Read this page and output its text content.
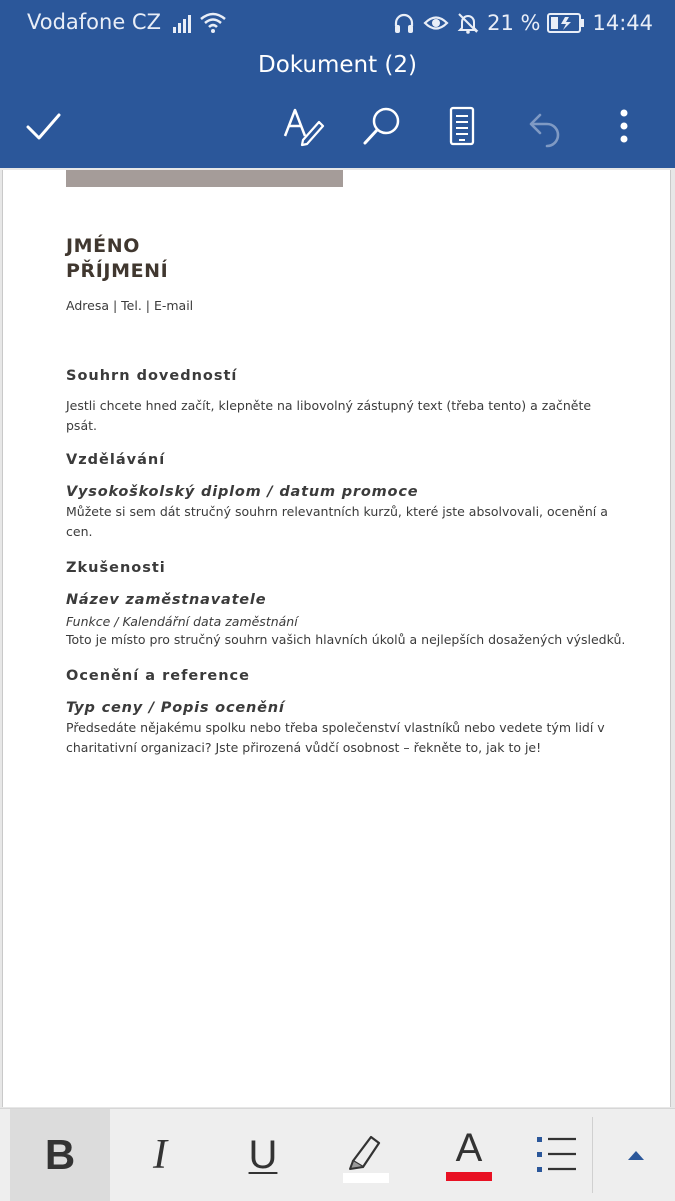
Vodafone CZ	21 % 14:44
Dokument (2)
JMÉNO
PŘÍJMENÍ
Adresa | Tel. | E-mail
Souhrn dovedností
Jestli chcete hned začít, klepněte na libovolný zástupný text (třeba tento) a začněte psát.
Vzdělávání
Vysokoškolský diplom / datum promoce
Můžete si sem dát stručný souhrn relevantních kurzů, které jste absolvovali, ocenění a cen.
Zkušenosti
Název zaměstnavatele
Funkce / Kalendářní data zaměstnání
Toto je místo pro stručný souhrn vašich hlavních úkolů a nejlepších dosažených výsledků.
Ocenění a reference
Typ ceny / Popis ocenění
Předsedáte nějakému spolku nebo třeba společenství vlastníků nebo vedete tým lidí v
charitativní organizaci? Jste přirozená vůdčí osobnost – řekněte to, jak to je!
B I U	A
